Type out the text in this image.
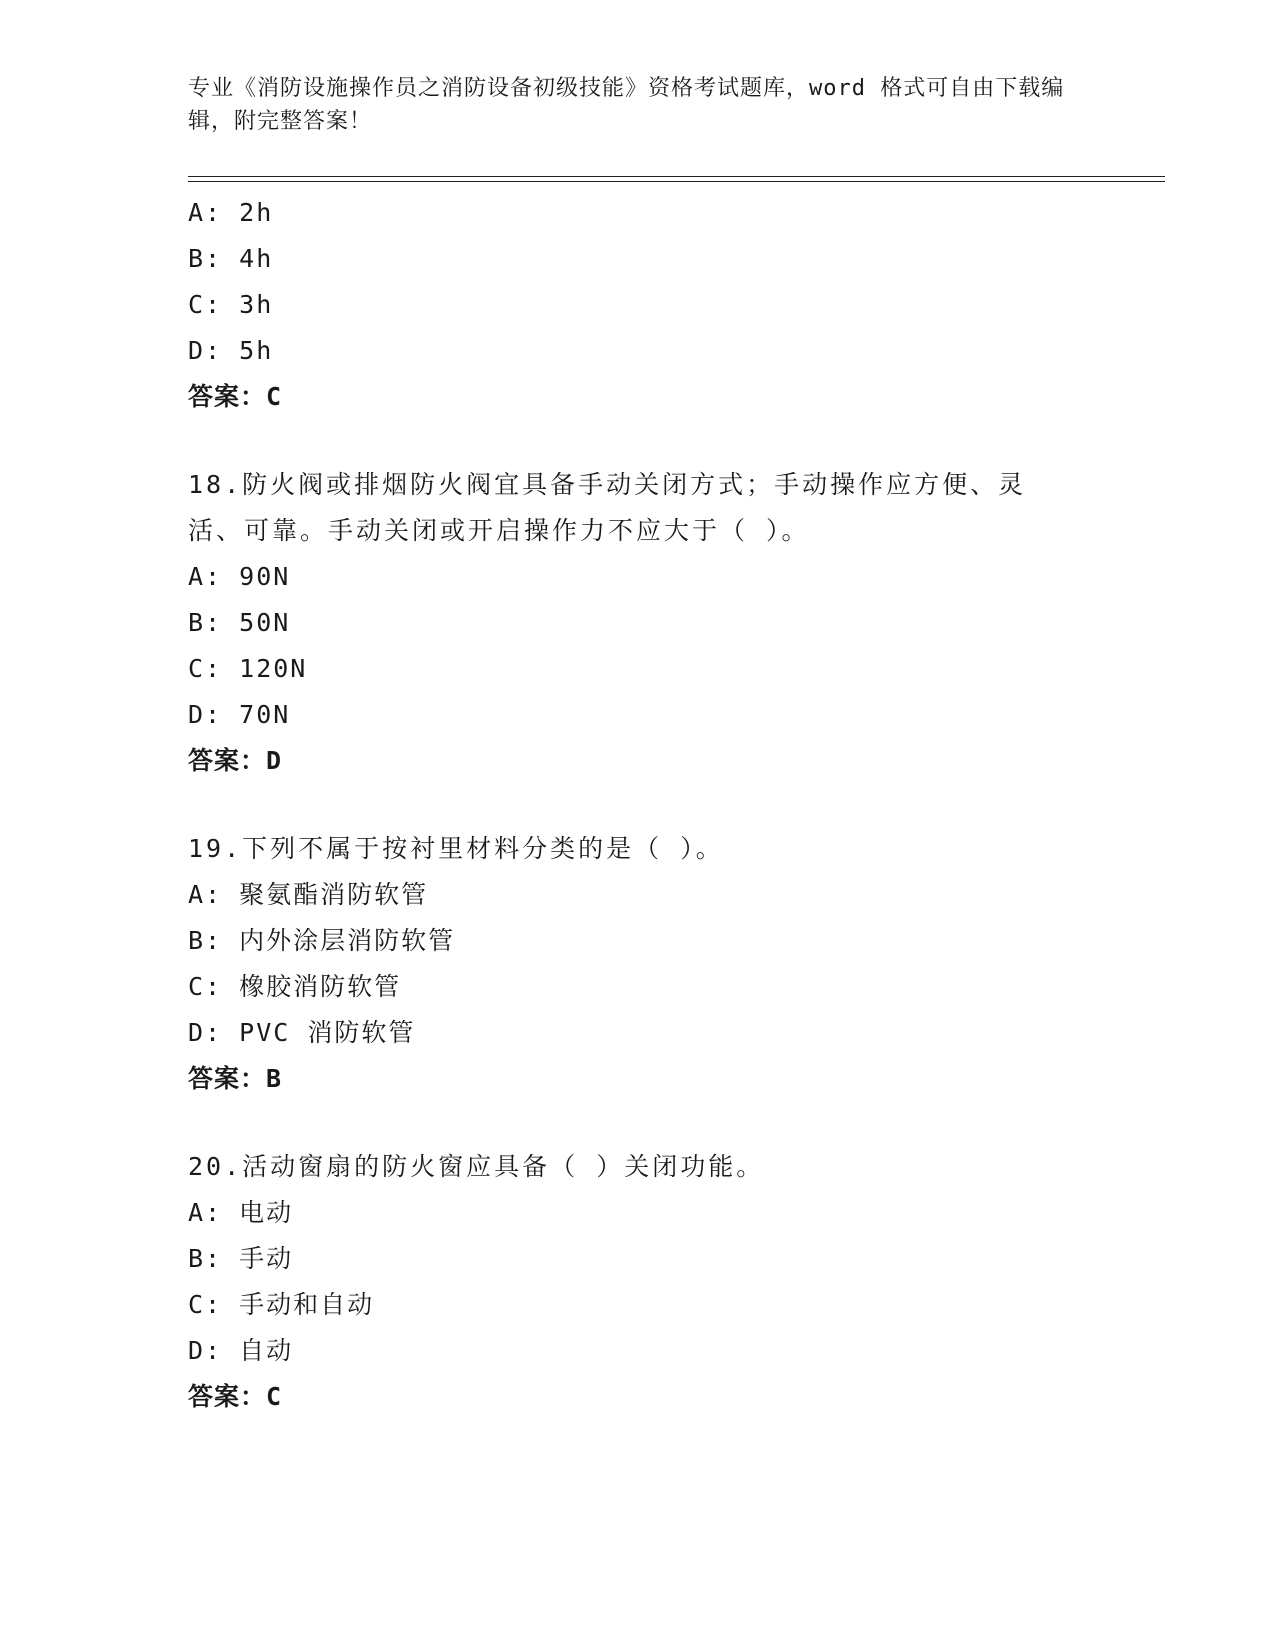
专业《消防设施操作员之消防设备初级技能》资格考试题库，word 格式可自由下载编辑，附完整答案！
A: 2h
B: 4h
C: 3h
D: 5h
答案：C
18.防火阀或排烟防火阀宜具备手动关闭方式；手动操作应方便、灵活、可靠。手动关闭或开启操作力不应大于（ ）。
A: 90N
B: 50N
C: 120N
D: 70N
答案：D
19.下列不属于按衬里材料分类的是（ ）。
A: 聚氨酯消防软管
B: 内外涂层消防软管
C: 橡胶消防软管
D: PVC 消防软管
答案：B
20.活动窗扇的防火窗应具备（ ）关闭功能。
A: 电动
B: 手动
C: 手动和自动
D: 自动
答案：C
